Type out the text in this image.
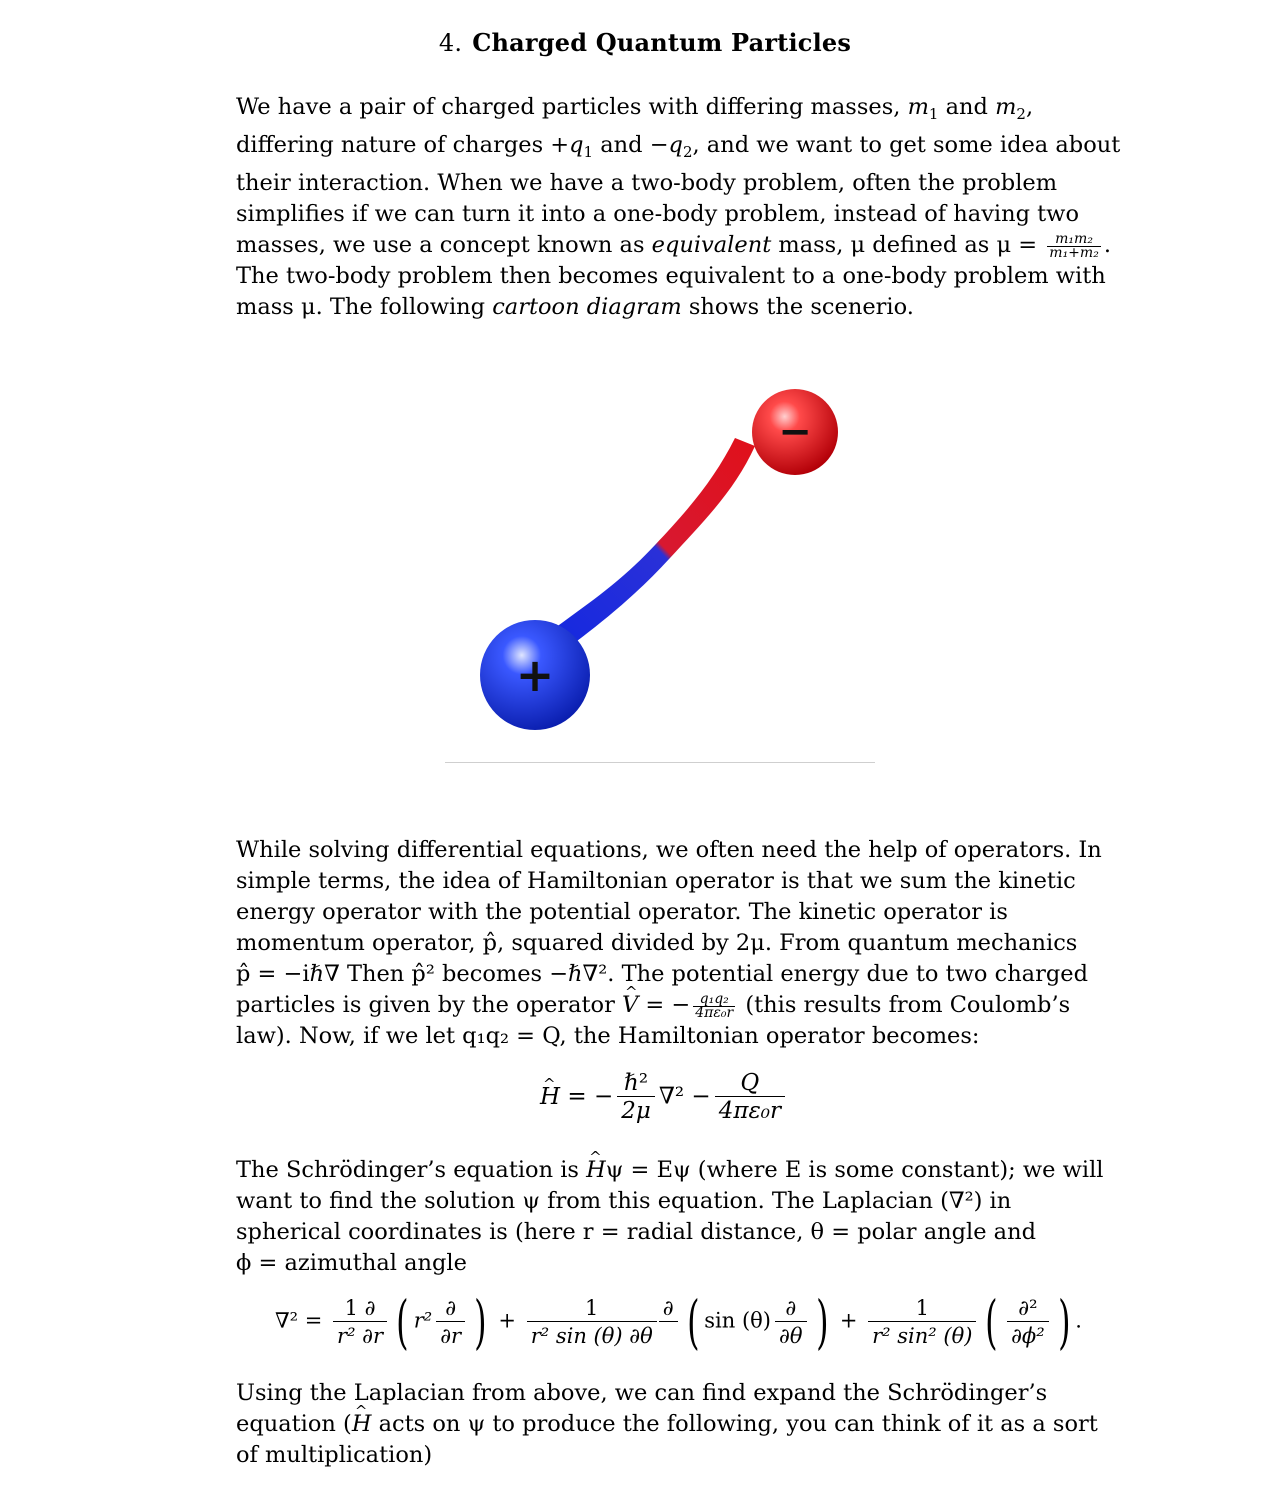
4. Charged Quantum Particles
We have a pair of charged particles with differing masses, $m_1$ and $m_2$,
differing nature of charges $+q_1$ and $-q_2$, and we want to get some idea about
their interaction. When we have a two-body problem, often the problem
simplifies if we can turn it into a one-body problem, instead of having two
masses, we use a concept known as equivalent mass, μ defined as $\mu = \frac{\text{m₁m₂}}{\text{m₁+m₂}}$ .
The two-body problem then becomes equivalent to a one-body problem with
mass μ. The following cartoon diagram shows the scenerio.
−
+
While solving differential equations, we often need the help of operators. In
simple terms, the idea of Hamiltonian operator is that we sum the kinetic
energy operator with the potential operator. The kinetic operator is
momentum operator, p̂, squared divided by 2μ. From quantum mechanics
p̂ = −iℏ∇ Then p̂² becomes −ℏ∇². The potential energy due to two charged
particles is given by the operator ^ V = − $\frac{\text{q₁q₂}}{\text{4πε₀r}}$ (this results from Coulomb’s
law). Now, if we let q₁q₂ = Q, the Hamiltonian operator becomes:
^ H = −
ℏ²
2μ
$\nabla^2 - \frac{Q}{\text{4πε₀r}}$
The Schrödinger’s equation is ^ Hψ = Eψ (where E is some constant); we will
want to find the solution ψ from this equation. The Laplacian (∇²) in
spherical coordinates is (here r = radial distance, θ = polar angle and
ϕ = azimuthal angle
$\nabla^2 = \frac{1 \partial}{\text{r² ∂r}}$ ( r²
∂
∂r ) + $\frac{1}{\text{r² sin (θ) ∂θ}}$ ∂ ( sin (θ)
∂
∂θ ) + $\frac{1}{\text{r² sin² (θ)}}$ ( ∂²
∂ϕ² ) .
Using the Laplacian from above, we can find expand the Schrödinger’s
equation (^ H acts on ψ to produce the following, you can think of it as a sort
of multiplication)
